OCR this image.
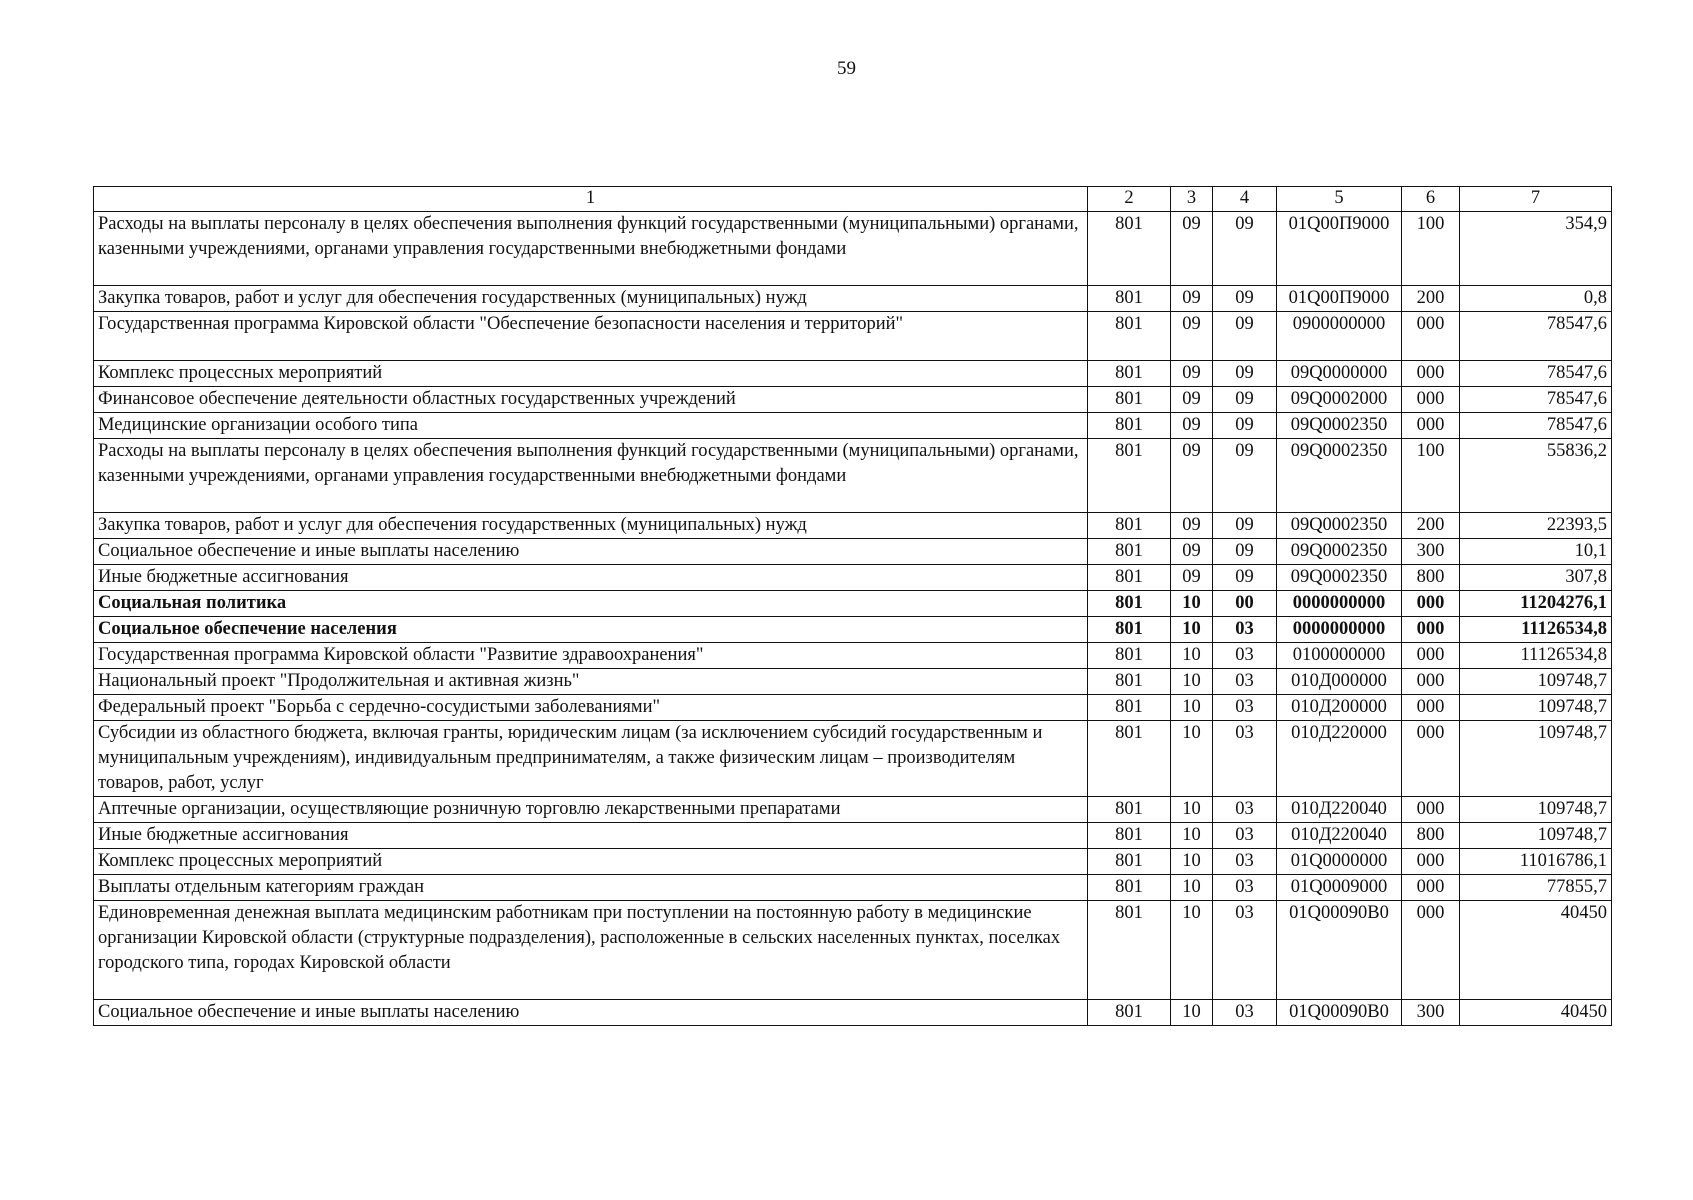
59
1	2	3	4	5	6	7
Расходы на выплаты персоналу в целях обеспечения выполнения функций государственными (муниципальными) органами, казенными учреждениями, органами управления государственными внебюджетными фондами	801	09	09	01Q00П9000	100	354,9
Закупка товаров, работ и услуг для обеспечения государственных (муниципальных) нужд	801	09	09	01Q00П9000	200	0,8
Государственная программа Кировской области "Обеспечение безопасности населения и территорий"	801	09	09	0900000000	000	78547,6
Комплекс процессных мероприятий	801	09	09	09Q0000000	000	78547,6
Финансовое обеспечение деятельности областных государственных учреждений	801	09	09	09Q0002000	000	78547,6
Медицинские организации особого типа	801	09	09	09Q0002350	000	78547,6
Расходы на выплаты персоналу в целях обеспечения выполнения функций государственными (муниципальными) органами, казенными учреждениями, органами управления государственными внебюджетными фондами	801	09	09	09Q0002350	100	55836,2
Закупка товаров, работ и услуг для обеспечения государственных (муниципальных) нужд	801	09	09	09Q0002350	200	22393,5
Социальное обеспечение и иные выплаты населению	801	09	09	09Q0002350	300	10,1
Иные бюджетные ассигнования	801	09	09	09Q0002350	800	307,8
Социальная политика	801	10	00	0000000000	000	11204276,1
Социальное обеспечение населения	801	10	03	0000000000	000	11126534,8
Государственная программа Кировской области "Развитие здравоохранения"	801	10	03	0100000000	000	11126534,8
Национальный проект "Продолжительная и активная жизнь"	801	10	03	010Д000000	000	109748,7
Федеральный проект "Борьба с сердечно-сосудистыми заболеваниями"	801	10	03	010Д200000	000	109748,7
Субсидии из областного бюджета, включая гранты, юридическим лицам (за исключением субсидий государственным и муниципальным учреждениям), индивидуальным предпринимателям, а также физическим лицам – производителям товаров, работ, услуг	801	10	03	010Д220000	000	109748,7
Аптечные организации, осуществляющие розничную торговлю лекарственными препаратами	801	10	03	010Д220040	000	109748,7
Иные бюджетные ассигнования	801	10	03	010Д220040	800	109748,7
Комплекс процессных мероприятий	801	10	03	01Q0000000	000	11016786,1
Выплаты отдельным категориям граждан	801	10	03	01Q0009000	000	77855,7
Единовременная денежная выплата медицинским работникам при поступлении на постоянную работу в медицинские организации Кировской области (структурные подразделения), расположенные в сельских населенных пунктах, поселках городского типа, городах Кировской области	801	10	03	01Q00090В0	000	40450
Социальное обеспечение и иные выплаты населению	801	10	03	01Q00090В0	300	40450
